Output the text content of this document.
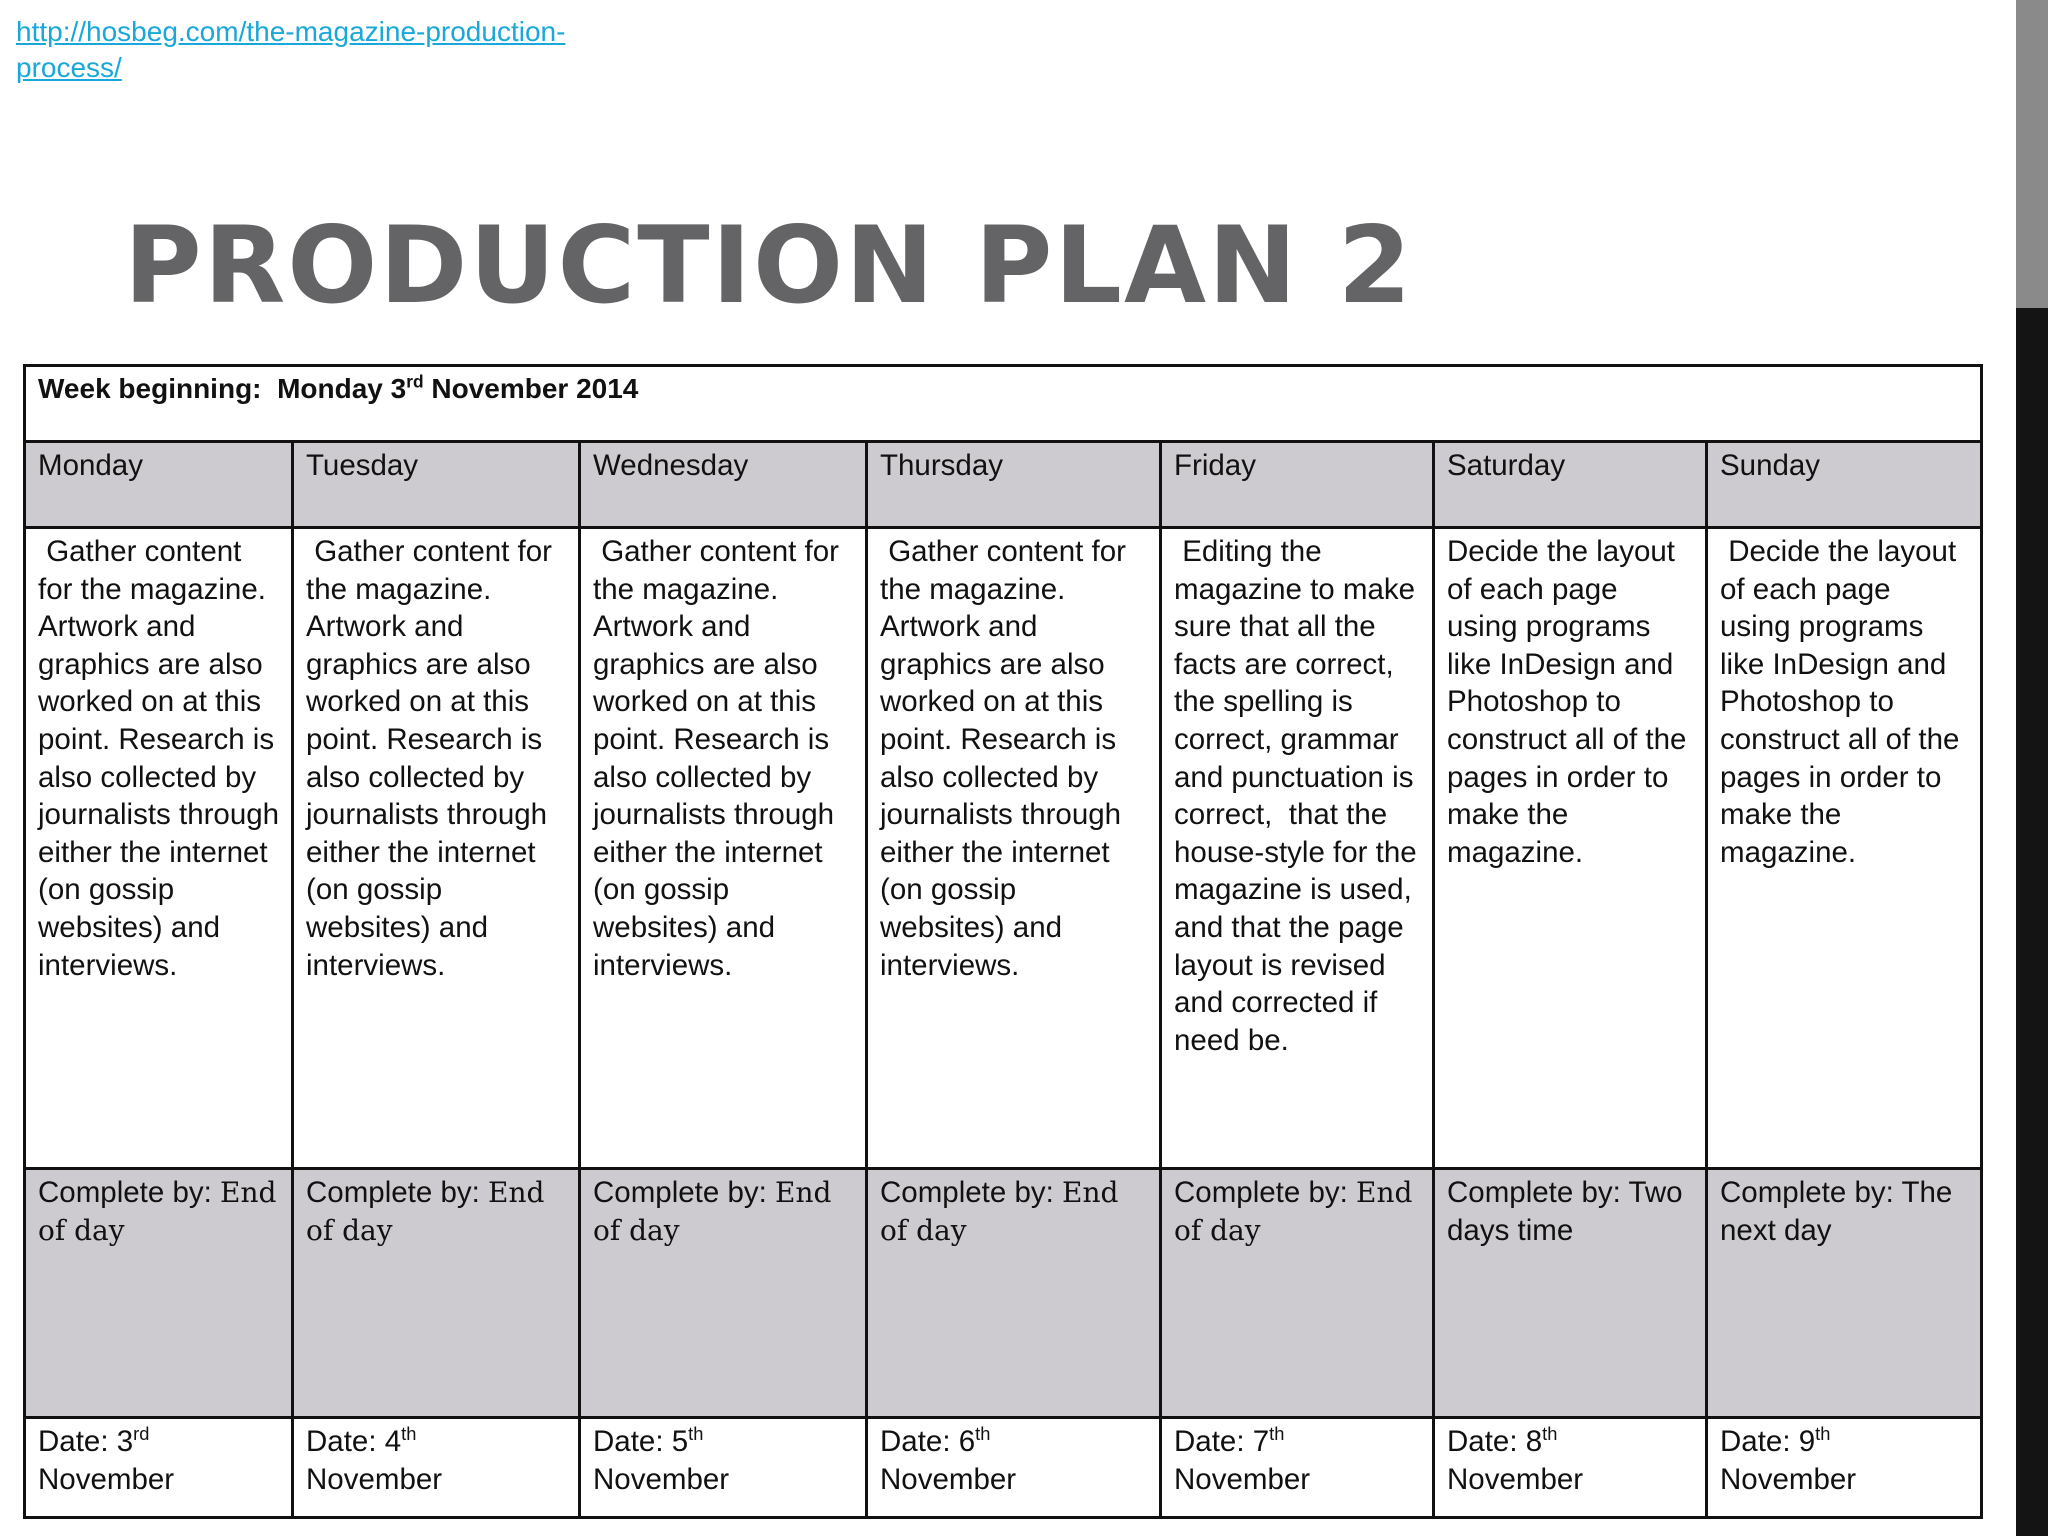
http://hosbeg.com/the-magazine-production-process/
PRODUCTION PLAN 2
Week beginning: Monday 3rd November 2014						
Monday	Tuesday	Wednesday	Thursday	Friday	Saturday	Sunday

Gather content for the magazine. Artwork and graphics are also worked on at this point. Research is also collected by journalists through either the internet  (on gossip websites) and interviews.	Gather content for the magazine. Artwork and graphics are also worked on at this point. Research is also collected by journalists through either the internet (on gossip websites) and interviews.	Gather content for the magazine. Artwork and graphics are also worked on at this point. Research is also collected by journalists through either the internet (on gossip websites) and interviews.	Gather content for the magazine. Artwork and graphics are also worked on at this point. Research is also collected by journalists through either the internet (on gossip websites) and interviews.	Editing the magazine to make sure that all the facts are correct, the spelling is correct, grammar and punctuation is correct,  that the house-style for the magazine is used, and that the page layout is revised and corrected if need be.	Decide the layout of each page using programs like InDesign and Photoshop to construct all of the pages in order to make the magazine.	Decide the layout of each page using programs like InDesign and Photoshop to construct all of the pages in order to make the magazine.

Complete by: End of day	Complete by: End of day	Complete by: End of day	Complete by: End of day	Complete by: End of day	Complete by: Two days time	Complete by: The next day
Date: 3rd
November	Date: 4th
November	Date: 5th
November	Date: 6th
November	Date: 7th
November	Date: 8th
November	Date: 9th
November
